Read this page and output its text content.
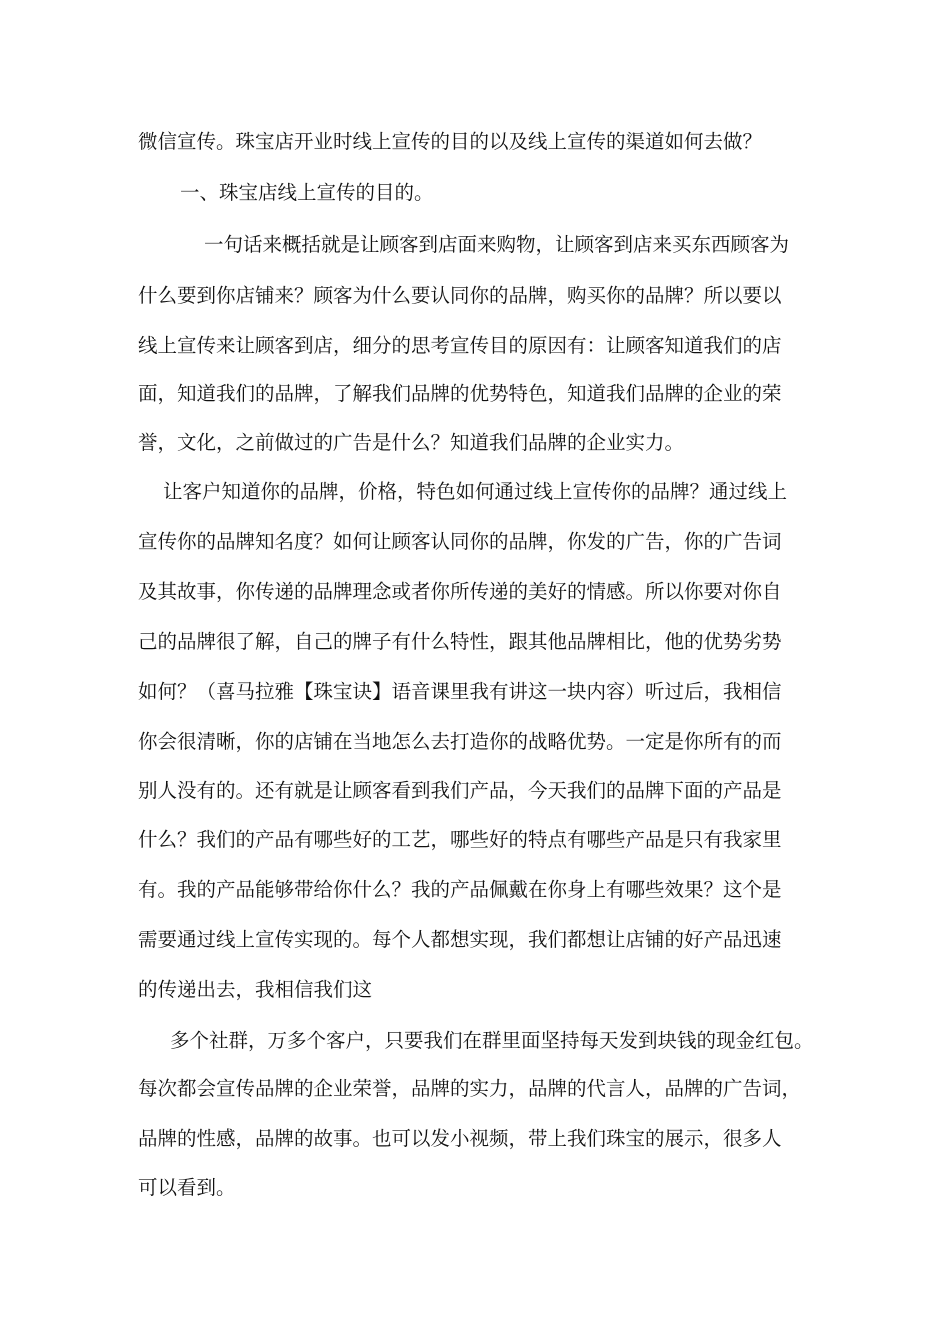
微信宣传。珠宝店开业时线上宣传的目的以及线上宣传的渠道如何去做？

一、珠宝店线上宣传的目的。

一句话来概括就是让顾客到店面来购物，让顾客到店来买东西顾客为

什么要到你店铺来？顾客为什么要认同你的品牌，购买你的品牌？所以要以

线上宣传来让顾客到店，细分的思考宣传目的原因有：让顾客知道我们的店

面，知道我们的品牌，了解我们品牌的优势特色，知道我们品牌的企业的荣

誉，文化，之前做过的广告是什么？知道我们品牌的企业实力。

让客户知道你的品牌，价格，特色如何通过线上宣传你的品牌？通过线上

宣传你的品牌知名度？如何让顾客认同你的品牌，你发的广告，你的广告词

及其故事，你传递的品牌理念或者你所传递的美好的情感。所以你要对你自

己的品牌很了解，自己的牌子有什么特性，跟其他品牌相比，他的优势劣势

如何？（喜马拉雅【珠宝诀】语音课里我有讲这一块内容）听过后，我相信

你会很清晰，你的店铺在当地怎么去打造你的战略优势。一定是你所有的而

别人没有的。还有就是让顾客看到我们产品，今天我们的品牌下面的产品是

什么？我们的产品有哪些好的工艺，哪些好的特点有哪些产品是只有我家里

有。我的产品能够带给你什么？我的产品佩戴在你身上有哪些效果？这个是

需要通过线上宣传实现的。每个人都想实现，我们都想让店铺的好产品迅速

的传递出去，我相信我们这

多个社群，万多个客户，只要我们在群里面坚持每天发到块钱的现金红包。

每次都会宣传品牌的企业荣誉，品牌的实力，品牌的代言人，品牌的广告词，

品牌的性感，品牌的故事。也可以发小视频，带上我们珠宝的展示，很多人

可以看到。
